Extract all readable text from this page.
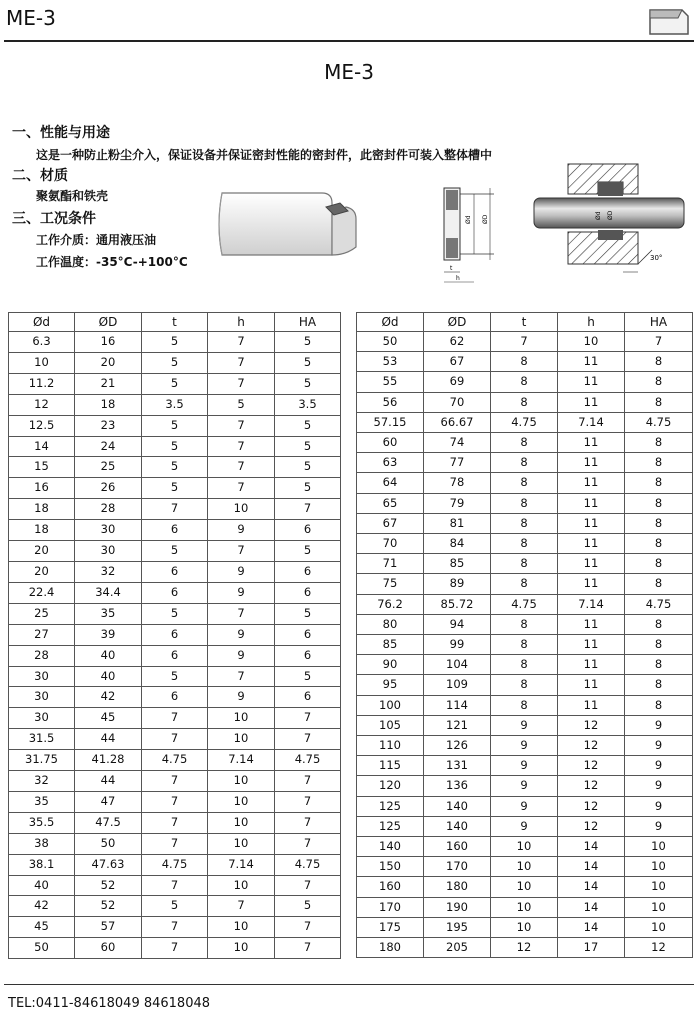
ME-3
ME-3
一、性能与用途
这是一种防止粉尘介入，保证设备并保证密封性能的密封件，此密封件可装入整体槽中
二、材质
聚氨酯和铁壳
三、工况条件
工作介质：通用液压油
工作温度：-35°C-+100°C
Ød ØD
t
h
Ød ØD
30°
Ød	ØD	t	h	HA
6.3	16	5	7	5
10	20	5	7	5
11.2	21	5	7	5
12	18	3.5	5	3.5
12.5	23	5	7	5
14	24	5	7	5
15	25	5	7	5
16	26	5	7	5
18	28	7	10	7
18	30	6	9	6
20	30	5	7	5
20	32	6	9	6
22.4	34.4	6	9	6
25	35	5	7	5
27	39	6	9	6
28	40	6	9	6
30	40	5	7	5
30	42	6	9	6
30	45	7	10	7
31.5	44	7	10	7
31.75	41.28	4.75	7.14	4.75
32	44	7	10	7
35	47	7	10	7
35.5	47.5	7	10	7
38	50	7	10	7
38.1	47.63	4.75	7.14	4.75
40	52	7	10	7
42	52	5	7	5
45	57	7	10	7
50	60	7	10	7
Ød	ØD	t	h	HA
50	62	7	10	7
53	67	8	11	8
55	69	8	11	8
56	70	8	11	8
57.15	66.67	4.75	7.14	4.75
60	74	8	11	8
63	77	8	11	8
64	78	8	11	8
65	79	8	11	8
67	81	8	11	8
70	84	8	11	8
71	85	8	11	8
75	89	8	11	8
76.2	85.72	4.75	7.14	4.75
80	94	8	11	8
85	99	8	11	8
90	104	8	11	8
95	109	8	11	8
100	114	8	11	8
105	121	9	12	9
110	126	9	12	9
115	131	9	12	9
120	136	9	12	9
125	140	9	12	9
125	140	9	12	9
140	160	10	14	10
150	170	10	14	10
160	180	10	14	10
170	190	10	14	10
175	195	10	14	10
180	205	12	17	12
TEL:0411-84618049 84618048
